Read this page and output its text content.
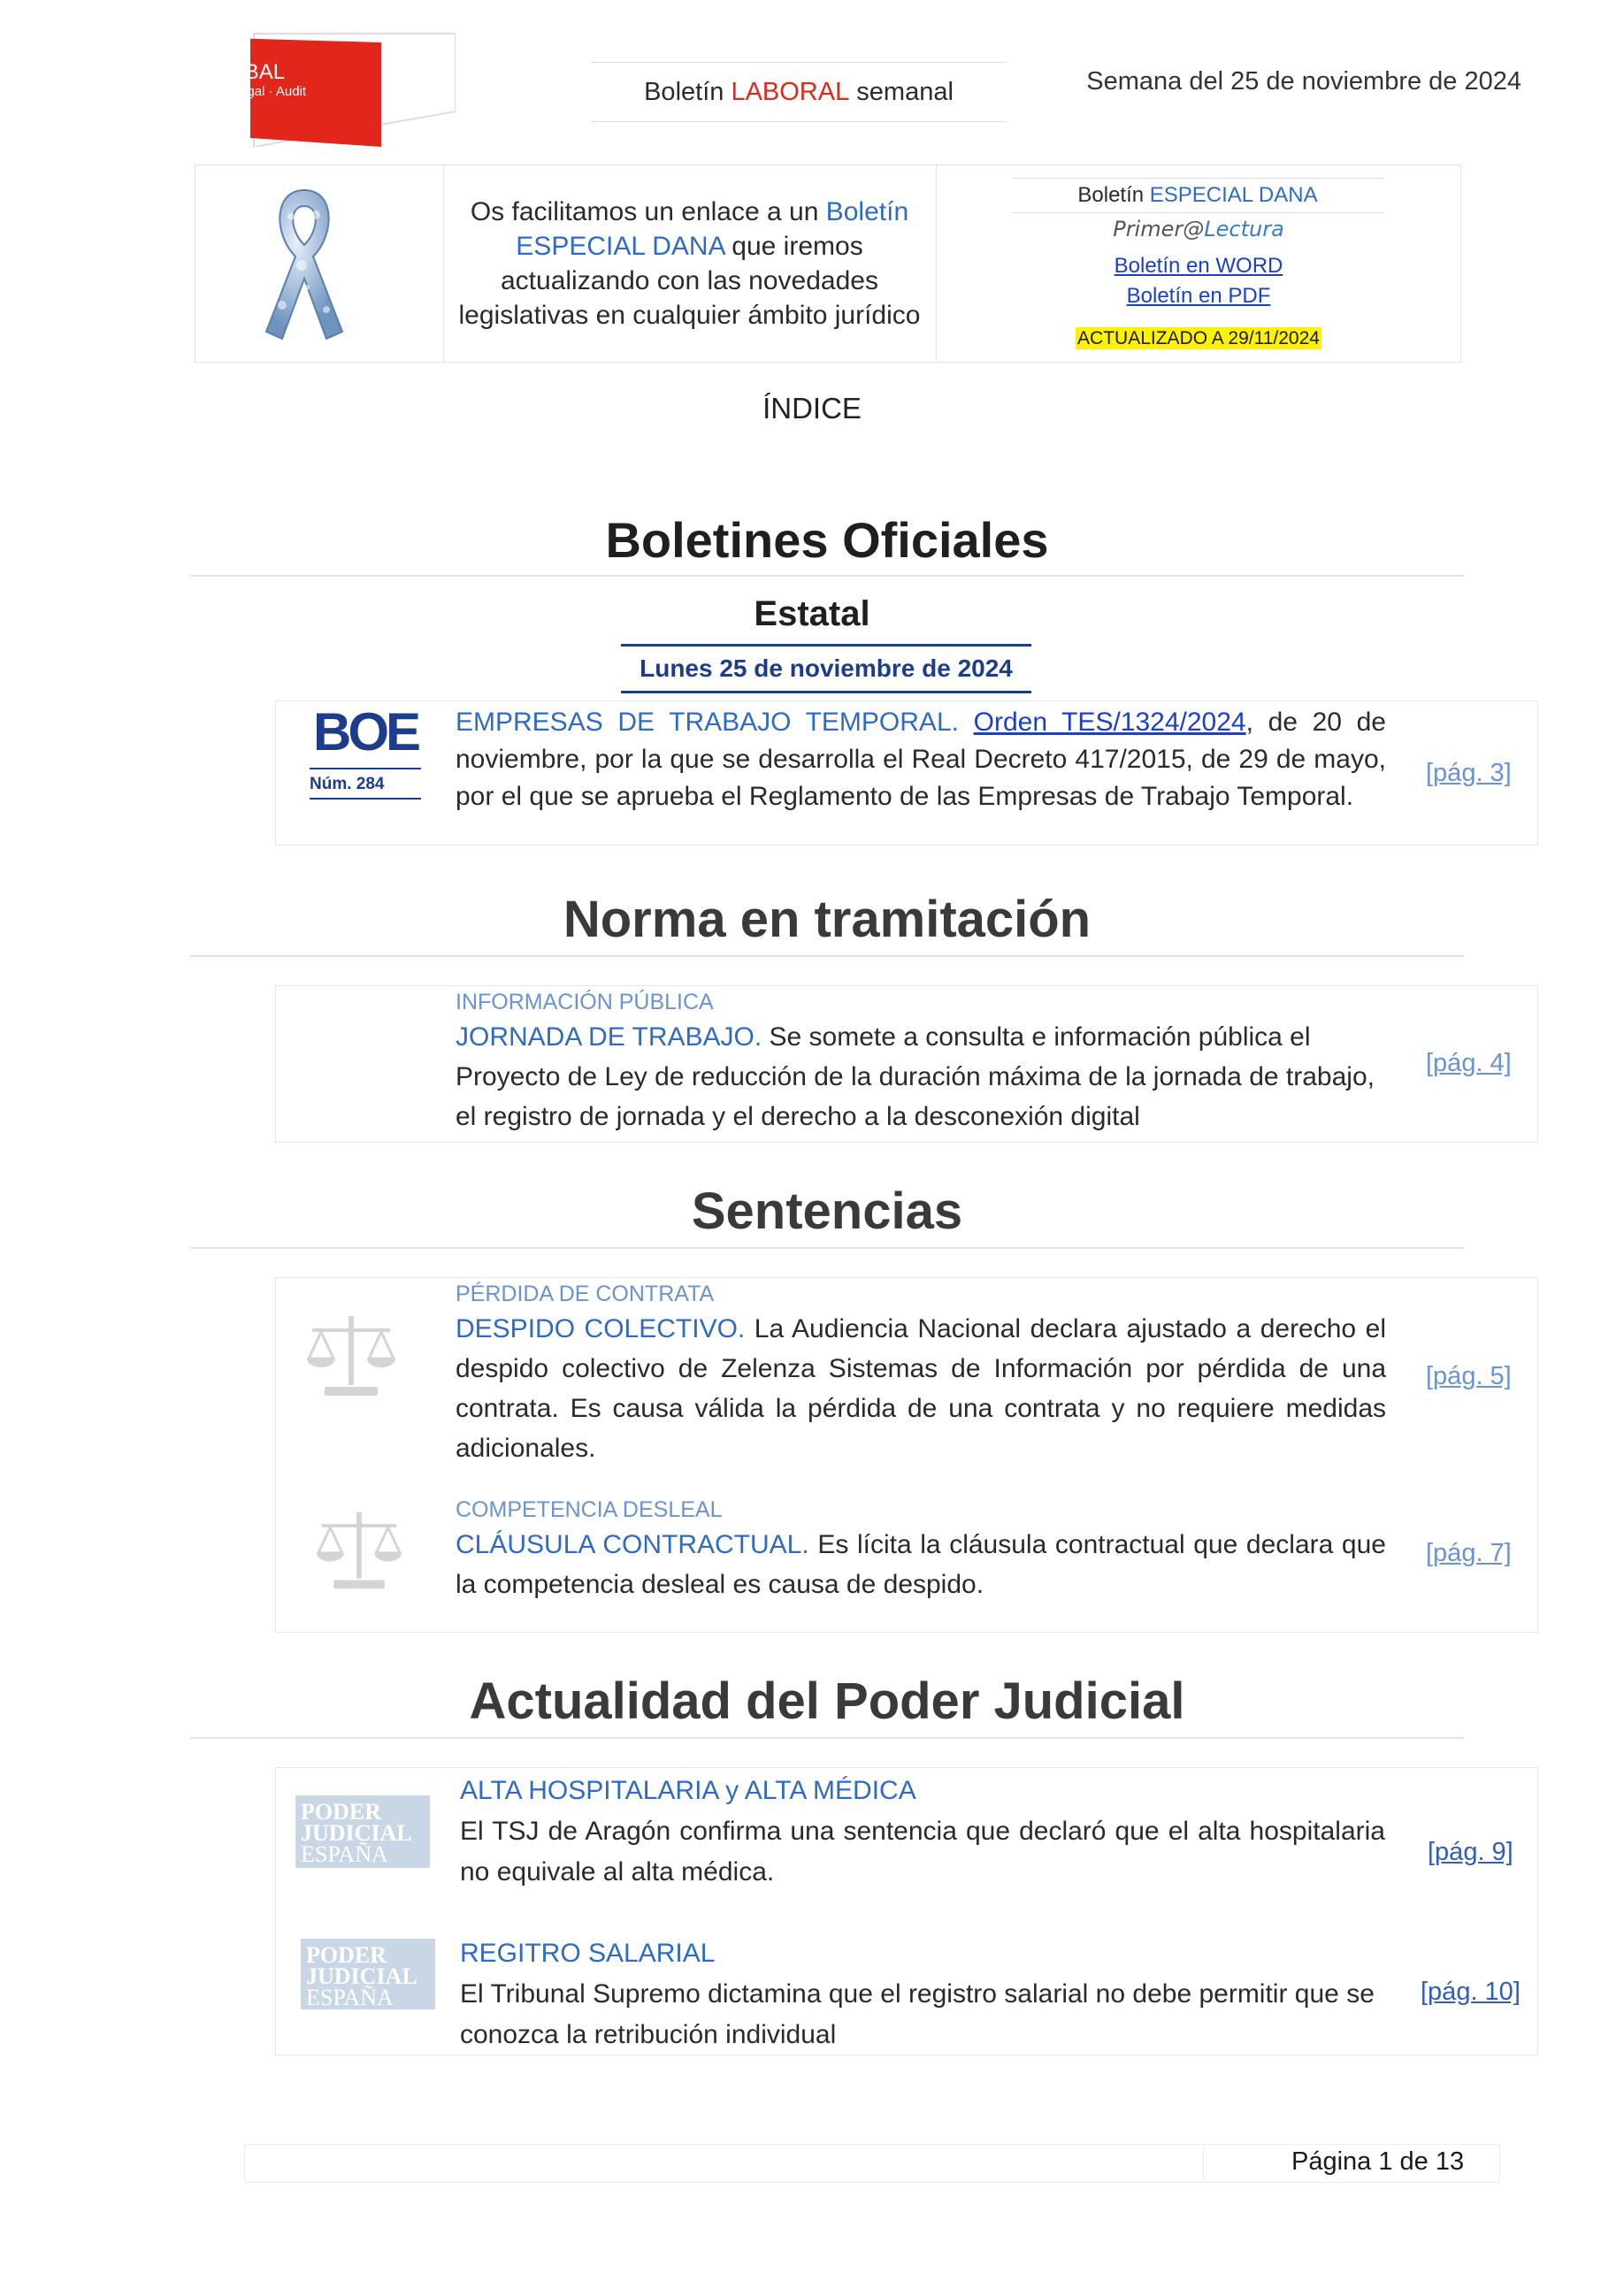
ETL
GLOBAL
Tax · Legal · Audit	Boletín LABORAL semanal	Semana del 25 de noviembre de 2024
Os facilitamos un enlace a un Boletín ESPECIAL DANA que iremos actualizando con las novedades legislativas en cualquier ámbito jurídico
Boletín ESPECIAL DANA
Primer@Lectura
Boletín en WORD
Boletín en PDF
ACTUALIZADO A 29/11/2024
ÍNDICE
Boletines Oficiales
Estatal
Lunes 25 de noviembre de 2024
BOE
Núm. 284
EMPRESAS DE TRABAJO TEMPORAL. Orden TES/1324/2024, de 20 de noviembre, por la que se desarrolla el Real Decreto 417/2015, de 29 de mayo, por el que se aprueba el Reglamento de las Empresas de Trabajo Temporal.
[pág. 3]
Norma en tramitación
INFORMACIÓN PÚBLICA
JORNADA DE TRABAJO. Se somete a consulta e información pública el Proyecto de Ley de reducción de la duración máxima de la jornada de trabajo, el registro de jornada y el derecho a la desconexión digital
[pág. 4]
Sentencias
PÉRDIDA DE CONTRATA
DESPIDO COLECTIVO. La Audiencia Nacional declara ajustado a derecho el despido colectivo de Zelenza Sistemas de Información por pérdida de una contrata. Es causa válida la pérdida de una contrata y no requiere medidas adicionales.
[pág. 5]
COMPETENCIA DESLEAL
CLÁUSULA CONTRACTUAL. Es lícita la cláusula contractual que declara que la competencia desleal es causa de despido.
[pág. 7]
Actualidad del Poder Judicial
PODER
JUDICIAL
ESPAÑA
ALTA HOSPITALARIA y ALTA MÉDICA
El TSJ de Aragón confirma una sentencia que declaró que el alta hospitalaria no equivale al alta médica.
[pág. 9]
PODER
JUDICIAL
ESPAÑA
REGITRO SALARIAL
El Tribunal Supremo dictamina que el registro salarial no debe permitir que se conozca la retribución individual
[pág. 10]
Página 1 de 13
